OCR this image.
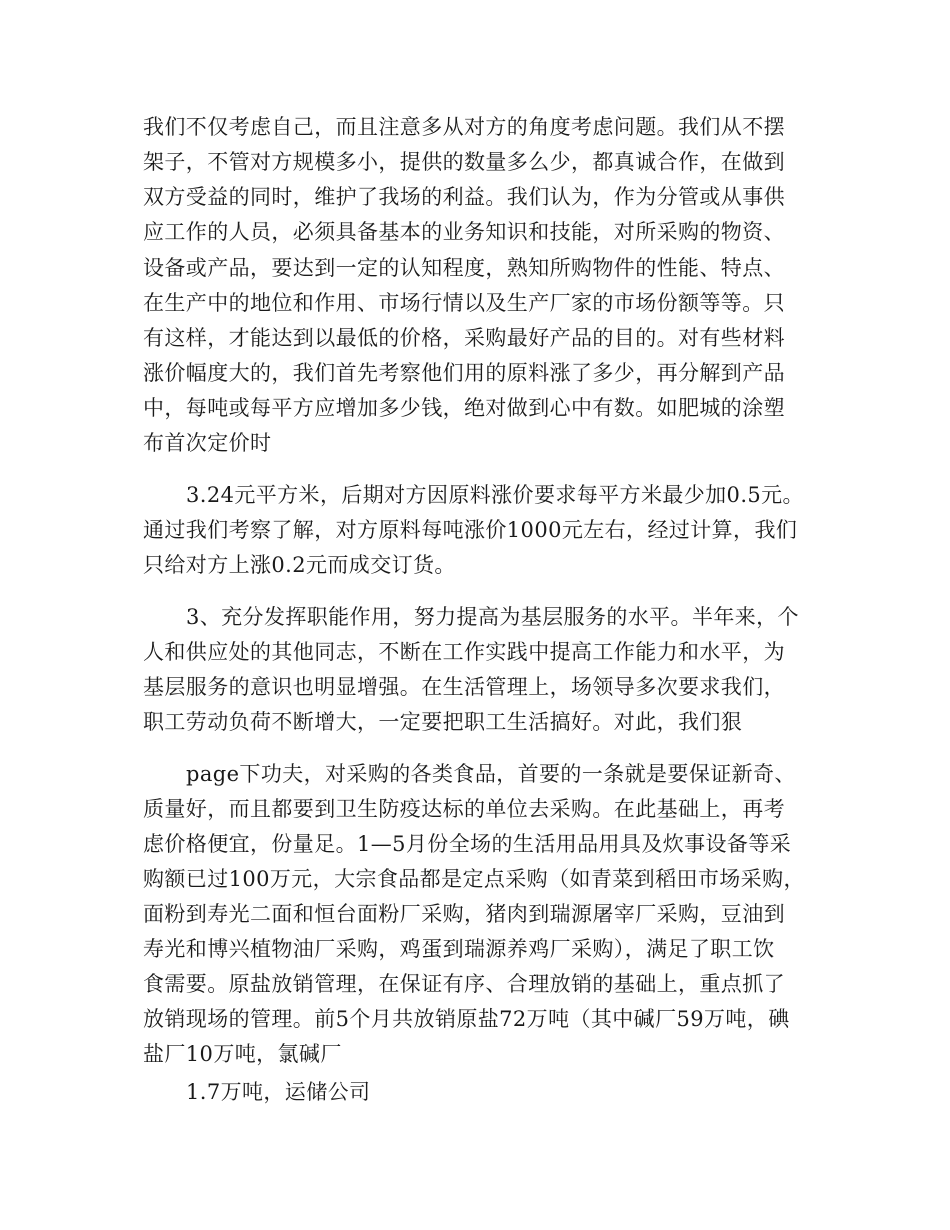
我们不仅考虑自己，而且注意多从对方的角度考虑问题。我们从不摆
架子，不管对方规模多小，提供的数量多么少，都真诚合作，在做到
双方受益的同时，维护了我场的利益。我们认为，作为分管或从事供
应工作的人员，必须具备基本的业务知识和技能，对所采购的物资、
设备或产品，要达到一定的认知程度，熟知所购物件的性能、特点、
在生产中的地位和作用、市场行情以及生产厂家的市场份额等等。只
有这样，才能达到以最低的价格，采购最好产品的目的。对有些材料
涨价幅度大的，我们首先考察他们用的原料涨了多少，再分解到产品
中，每吨或每平方应增加多少钱，绝对做到心中有数。如肥城的涂塑
布首次定价时
3.24元平方米，后期对方因原料涨价要求每平方米最少加0.5元。
通过我们考察了解，对方原料每吨涨价1000元左右，经过计算，我们
只给对方上涨0.2元而成交订货。
3、充分发挥职能作用，努力提高为基层服务的水平。半年来，个
人和供应处的其他同志，不断在工作实践中提高工作能力和水平，为
基层服务的意识也明显增强。在生活管理上，场领导多次要求我们，
职工劳动负荷不断增大，一定要把职工生活搞好。对此，我们狠
page下功夫，对采购的各类食品，首要的一条就是要保证新奇、
质量好，而且都要到卫生防疫达标的单位去采购。在此基础上，再考
虑价格便宜，份量足。1—5月份全场的生活用品用具及炊事设备等采
购额已过100万元，大宗食品都是定点采购（如青菜到稻田市场采购，
面粉到寿光二面和恒台面粉厂采购，猪肉到瑞源屠宰厂采购，豆油到
寿光和博兴植物油厂采购，鸡蛋到瑞源养鸡厂采购），满足了职工饮
食需要。原盐放销管理，在保证有序、合理放销的基础上，重点抓了
放销现场的管理。前5个月共放销原盐72万吨（其中碱厂59万吨，碘
盐厂10万吨，氯碱厂
1.7万吨，运储公司
